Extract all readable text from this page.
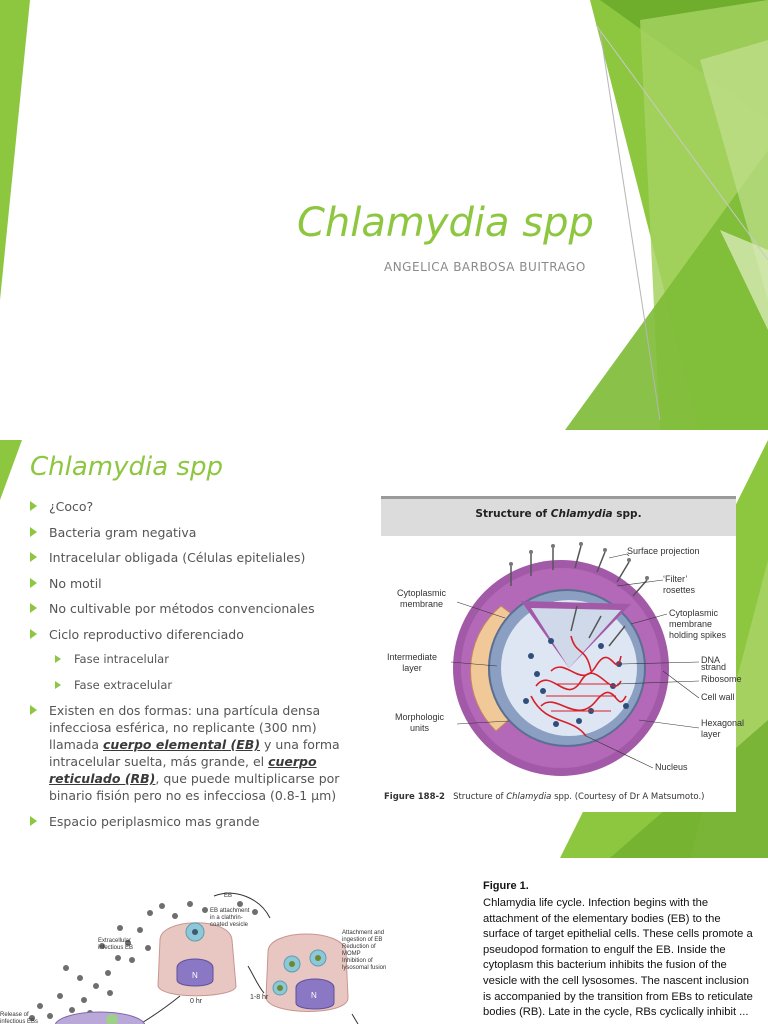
Chlamydia spp
ANGELICA BARBOSA BUITRAGO
Chlamydia spp
¿Coco?
Bacteria gram negativa
Intracelular obligada (Células epiteliales)
No motil
No cultivable por métodos convencionales
Ciclo reproductivo diferenciado
Fase intracelular
Fase extracelular
Existen en dos formas: una partícula densa infecciosa esférica, no replicante (300 nm) llamada cuerpo elemental (EB) y una forma intracelular suelta, más grande, el cuerpo reticulado (RB), que puede multiplicarse por binario fisión pero no es infecciosa (0.8-1 µm)
Espacio periplasmico mas grande
Structure of Chlamydia spp.
Surface projection
‘Filter’
rosettes
Cytoplasmic
membrane
holding spikes
DNA strand
Ribosome
Cell wall
Hexagonal
layer
Nucleus
Cytoplasmic
membrane
Intermediate
layer
Morphologic
units
Figure 188-2 Structure of Chlamydia spp. (Courtesy of Dr A Matsumoto.)
EB
EB attachment
in a clathrin-
coated vesicle
Extracellular
infectious EB
Attachment and
ingestion of EB
Reduction of
MOMP
Inhibition of
lysosomal fusion
Release of
infectious EBs
0 hr
1-8 hr
N
N
Figure 1.
Chlamydia life cycle. Infection begins with the attachment of the elementary bodies (EB) to the surface of target epithelial cells. These cells promote a pseudopod formation to engulf the EB. Inside the cytoplasm this bacterium inhibits the fusion of the vesicle with the cell lysosomes. The nascent inclusion is accompanied by the transition from EBs to reticulate bodies (RB). Late in the cycle, RBs cyclically inhibit ...
